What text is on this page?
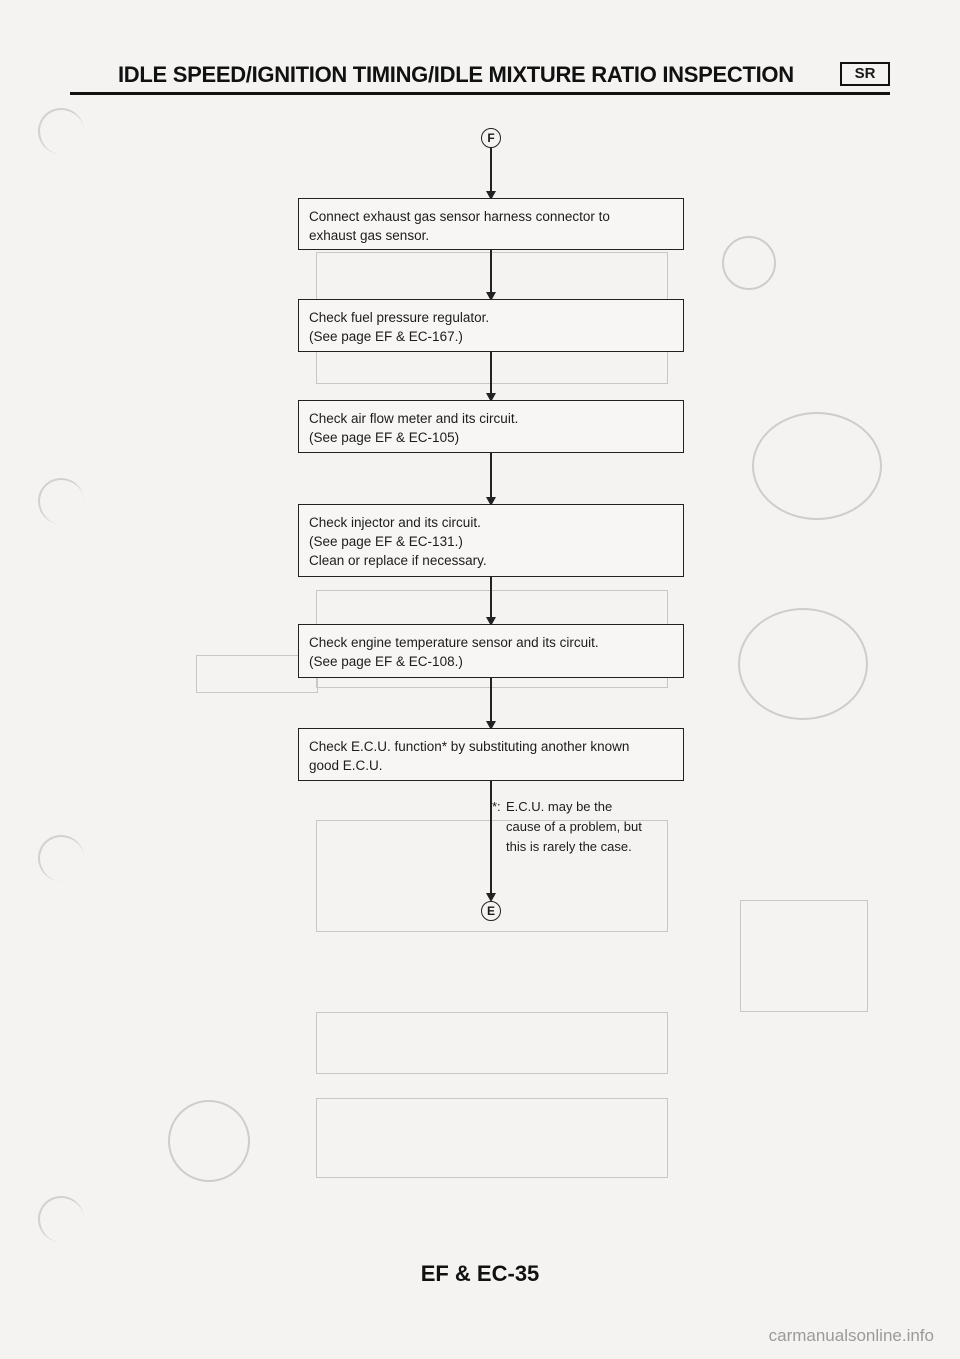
IDLE SPEED/IGNITION TIMING/IDLE MIXTURE RATIO INSPECTION	SR
F
Connect exhaust gas sensor harness connector to
exhaust gas sensor.
Check fuel pressure regulator.
(See page EF & EC-167.)
Check air flow meter and its circuit.
(See page EF & EC-105)
Check injector and its circuit.
(See page EF & EC-131.)
Clean or replace if necessary.
Check engine temperature sensor and its circuit.
(See page EF & EC-108.)
Check E.C.U. function* by substituting another known
good E.C.U.
E
*: E.C.U. may be the
cause of a problem, but
this is rarely the case.
EF & EC-35
carmanualsonline.info
